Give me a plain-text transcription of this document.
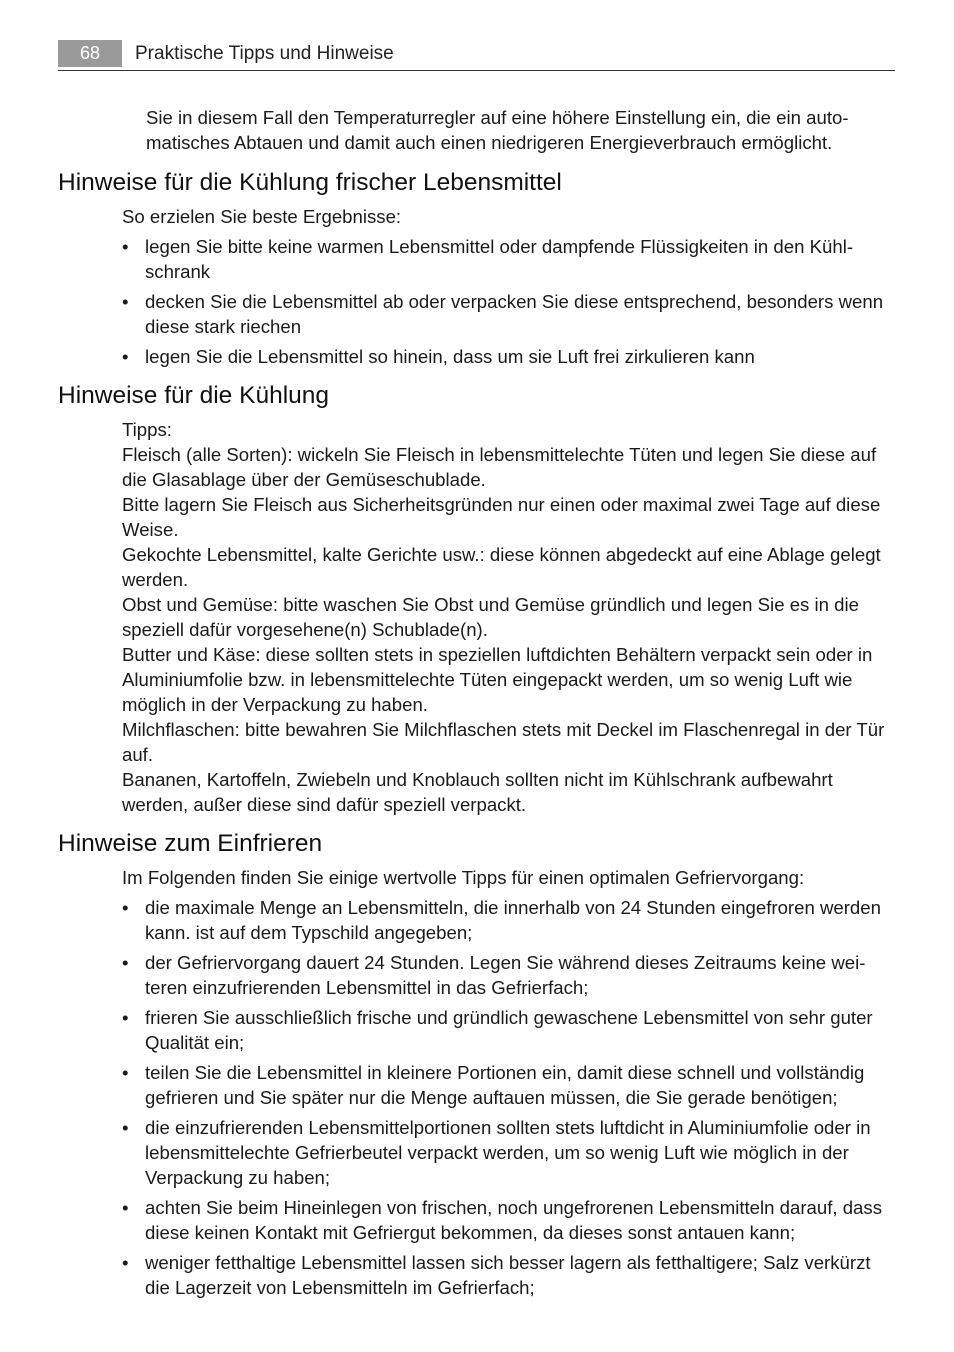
68	Praktische Tipps und Hinweise
Sie in diesem Fall den Temperaturregler auf eine höhere Einstellung ein, die ein automatisches Abtauen und damit auch einen niedrigeren Energieverbrauch ermöglicht.
Hinweise für die Kühlung frischer Lebensmittel
So erzielen Sie beste Ergebnisse:
• legen Sie bitte keine warmen Lebensmittel oder dampfende Flüssigkeiten in den Kühlschrank
• decken Sie die Lebensmittel ab oder verpacken Sie diese entsprechend, besonders wenn diese stark riechen
• legen Sie die Lebensmittel so hinein, dass um sie Luft frei zirkulieren kann
Hinweise für die Kühlung
Tipps:
Fleisch (alle Sorten): wickeln Sie Fleisch in lebensmittelechte Tüten und legen Sie diese auf die Glasablage über der Gemüseschublade.
Bitte lagern Sie Fleisch aus Sicherheitsgründen nur einen oder maximal zwei Tage auf diese Weise.
Gekochte Lebensmittel, kalte Gerichte usw.: diese können abgedeckt auf eine Ablage gelegt werden.
Obst und Gemüse: bitte waschen Sie Obst und Gemüse gründlich und legen Sie es in die speziell dafür vorgesehene(n) Schublade(n).
Butter und Käse: diese sollten stets in speziellen luftdichten Behältern verpackt sein oder in Aluminiumfolie bzw. in lebensmittelechte Tüten eingepackt werden, um so wenig Luft wie möglich in der Verpackung zu haben.
Milchflaschen: bitte bewahren Sie Milchflaschen stets mit Deckel im Flaschenregal in der Tür auf.
Bananen, Kartoffeln, Zwiebeln und Knoblauch sollten nicht im Kühlschrank aufbewahrt werden, außer diese sind dafür speziell verpackt.
Hinweise zum Einfrieren
Im Folgenden finden Sie einige wertvolle Tipps für einen optimalen Gefriervorgang:
• die maximale Menge an Lebensmitteln, die innerhalb von 24 Stunden eingefroren werden kann. ist auf dem Typschild angegeben;
• der Gefriervorgang dauert 24 Stunden. Legen Sie während dieses Zeitraums keine weiteren einzufrierenden Lebensmittel in das Gefrierfach;
• frieren Sie ausschließlich frische und gründlich gewaschene Lebensmittel von sehr guter Qualität ein;
• teilen Sie die Lebensmittel in kleinere Portionen ein, damit diese schnell und vollständig gefrieren und Sie später nur die Menge auftauen müssen, die Sie gerade benötigen;
• die einzufrierenden Lebensmittelportionen sollten stets luftdicht in Aluminiumfolie oder in lebensmittelechte Gefrierbeutel verpackt werden, um so wenig Luft wie möglich in der Verpackung zu haben;
• achten Sie beim Hineinlegen von frischen, noch ungefrorenen Lebensmitteln darauf, dass diese keinen Kontakt mit Gefriergut bekommen, da dieses sonst antauen kann;
• weniger fetthaltige Lebensmittel lassen sich besser lagern als fetthaltigere; Salz verkürzt die Lagerzeit von Lebensmitteln im Gefrierfach;
